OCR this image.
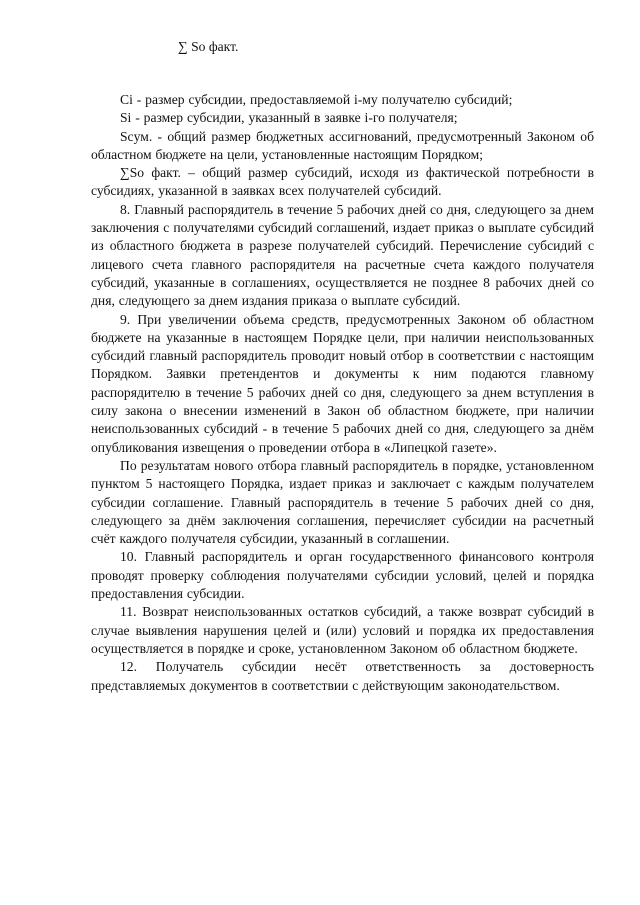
∑ So факт.

Ci - размер субсидии, предоставляемой i-му получателю субсидий;

Si - размер субсидии, указанный в заявке i-го получателя;

Scум. - общий размер бюджетных ассигнований, предусмотренный Законом об областном бюджете на цели, установленные настоящим Порядком;

∑So факт. – общий размер субсидий, исходя из фактической потребности в субсидиях, указанной в заявках всех получателей субсидий.

8. Главный распорядитель в течение 5 рабочих дней со дня, следующего за днем заключения с получателями субсидий соглашений, издает приказ о выплате субсидий из областного бюджета в разрезе получателей субсидий. Перечисление субсидий с лицевого счета главного распорядителя на расчетные счета каждого получателя субсидий, указанные в соглашениях, осуществляется не позднее 8 рабочих дней со дня, следующего за днем издания приказа о выплате субсидий.

9. При увеличении объема средств, предусмотренных Законом об областном бюджете на указанные в настоящем Порядке цели, при наличии неиспользованных субсидий главный распорядитель проводит новый отбор в соответствии с настоящим Порядком. Заявки претендентов и документы к ним подаются главному распорядителю в течение 5 рабочих дней со дня, следующего за днем вступления в силу закона о внесении изменений в Закон об областном бюджете, при наличии неиспользованных субсидий - в течение 5 рабочих дней со дня, следующего за днём опубликования извещения о проведении отбора в «Липецкой газете».

По результатам нового отбора главный распорядитель в порядке, установленном пунктом 5 настоящего Порядка, издает приказ и заключает с каждым получателем субсидии соглашение. Главный распорядитель в течение 5 рабочих дней со дня, следующего за днём заключения соглашения, перечисляет субсидии на расчетный счёт каждого получателя субсидии, указанный в соглашении.

10. Главный распорядитель и орган государственного финансового контроля проводят проверку соблюдения получателями субсидии условий, целей и порядка предоставления субсидии.

11. Возврат неиспользованных остатков субсидий, а также возврат субсидий в случае выявления нарушения целей и (или) условий и порядка их предоставления осуществляется в порядке и сроке, установленном Законом об областном бюджете.

12. Получатель субсидии несёт ответственность за достоверность представляемых документов в соответствии с действующим законодательством.
